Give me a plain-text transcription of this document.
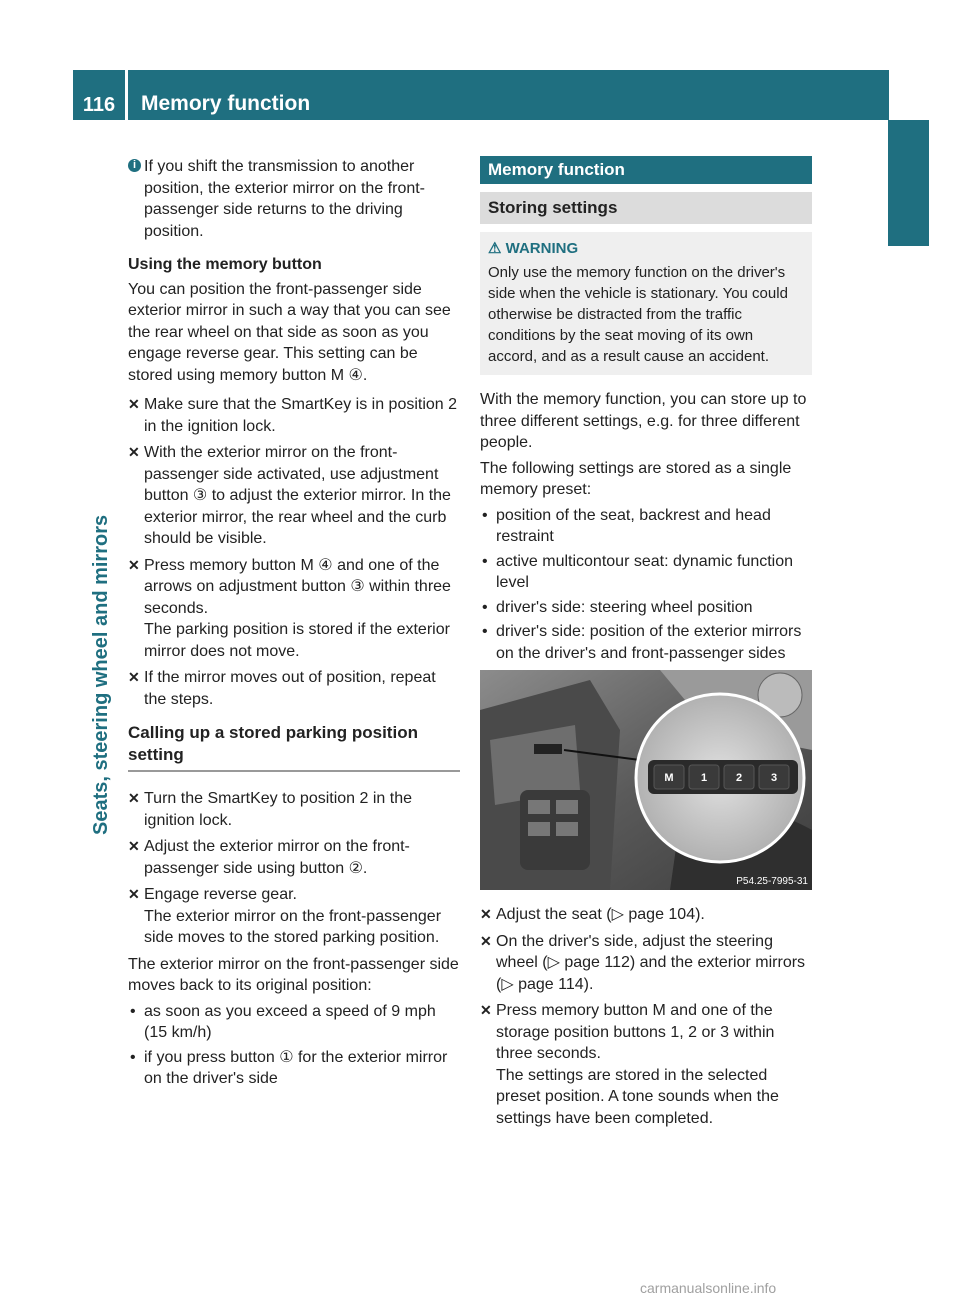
116	Memory function
Seats, steering wheel and mirrors

i If you shift the transmission to another position, the exterior mirror on the front-passenger side returns to the driving position.

Using the memory button

You can position the front-passenger side exterior mirror in such a way that you can see the rear wheel on that side as soon as you engage reverse gear. This setting can be stored using memory button M ④.

✕ Make sure that the SmartKey is in position 2 in the ignition lock.

✕ With the exterior mirror on the front-passenger side activated, use adjustment button ③ to adjust the exterior mirror. In the exterior mirror, the rear wheel and the curb should be visible.

✕ Press memory button M ④ and one of the arrows on adjustment button ③ within three seconds.
The parking position is stored if the exterior mirror does not move.

✕ If the mirror moves out of position, repeat the steps.

Calling up a stored parking position setting

✕ Turn the SmartKey to position 2 in the ignition lock.

✕ Adjust the exterior mirror on the front-passenger side using button ②.

✕ Engage reverse gear.
The exterior mirror on the front-passenger side moves to the stored parking position.

The exterior mirror on the front-passenger side moves back to its original position:

• as soon as you exceed a speed of 9 mph (15 km/h)

• if you press button ① for the exterior mirror on the driver's side

Memory function
Storing settings
⚠ WARNING
Only use the memory function on the driver's side when the vehicle is stationary. You could otherwise be distracted from the traffic conditions by the seat moving of its own accord, and as a result cause an accident.

With the memory function, you can store up to three different settings, e.g. for three different people.

The following settings are stored as a single memory preset:

• position of the seat, backrest and head restraint

• active multicontour seat: dynamic function level

• driver's side: steering wheel position

• driver's side: position of the exterior mirrors on the driver's and front-passenger sides

M 1	2	3
P54.25-7995-31

✕ Adjust the seat (▷ page 104).

✕ On the driver's side, adjust the steering wheel (▷ page 112) and the exterior mirrors (▷ page 114).

✕ Press memory button M and one of the storage position buttons 1, 2 or 3 within three seconds.
The settings are stored in the selected preset position. A tone sounds when the settings have been completed.

carmanualsonline.info
